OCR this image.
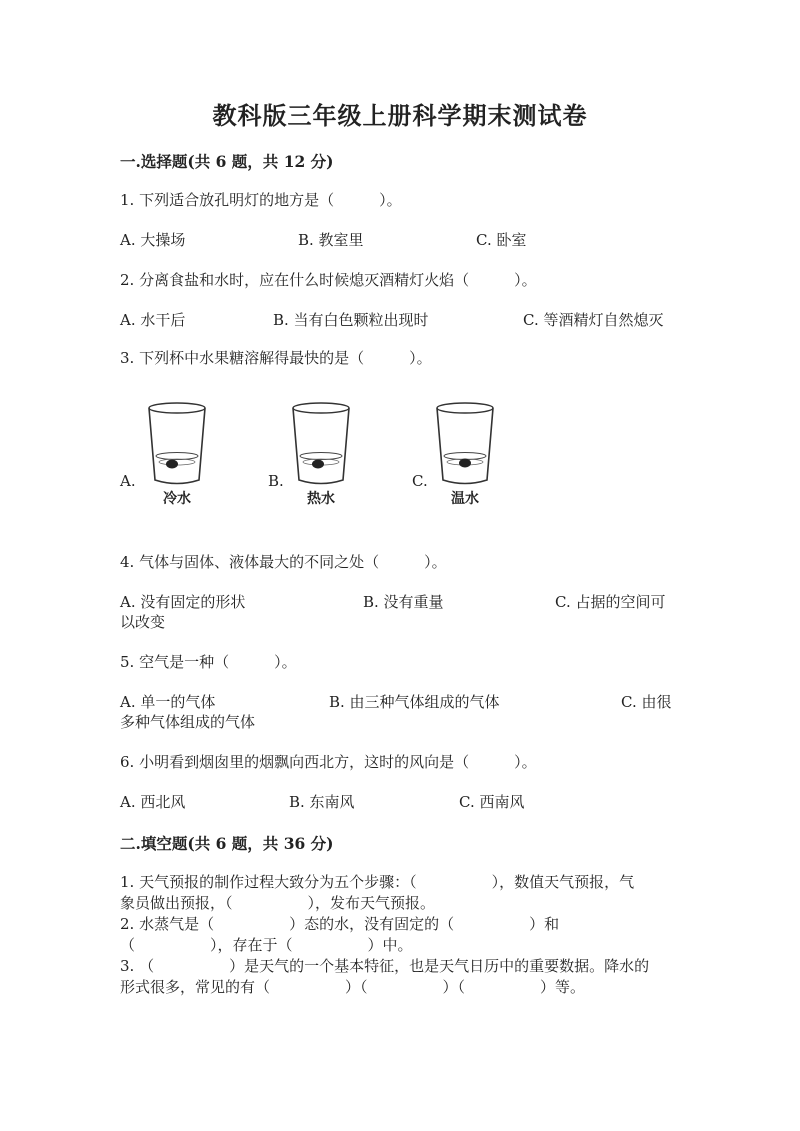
教科版三年级上册科学期末测试卷
一.选择题(共 6 题，共 12 分)
1. 下列适合放孔明灯的地方是（　　　）。
A. 大操场	B. 教室里	C. 卧室
2. 分离食盐和水时，应在什么时候熄灭酒精灯火焰（　　　）。
A. 水干后	B. 当有白色颗粒出现时	C. 等酒精灯自然熄灭
3. 下列杯中水果糖溶解得最快的是（　　　）。
A.
冷水
B.
热水
C.
温水
4. 气体与固体、液体最大的不同之处（　　　）。
A. 没有固定的形状	B. 没有重量	C. 占据的空间可
以改变
5. 空气是一种（　　　）。
A. 单一的气体	B. 由三种气体组成的气体	C. 由很
多种气体组成的气体
6. 小明看到烟囱里的烟飘向西北方，这时的风向是（　　　）。
A. 西北风	B. 东南风	C. 西南风
二.填空题(共 6 题，共 36 分)
1. 天气预报的制作过程大致分为五个步骤：（　　　　　），数值天气预报，气
象员做出预报，（　　　　　），发布天气预报。
2. 水蒸气是（　　　　　）态的水，没有固定的（　　　　　）和
（　　　　　），存在于（　　　　　）中。
3. （　　　　　）是天气的一个基本特征，也是天气日历中的重要数据。降水的
形式很多，常见的有（　　　　　）（　　　　　）（　　　　　）等。
